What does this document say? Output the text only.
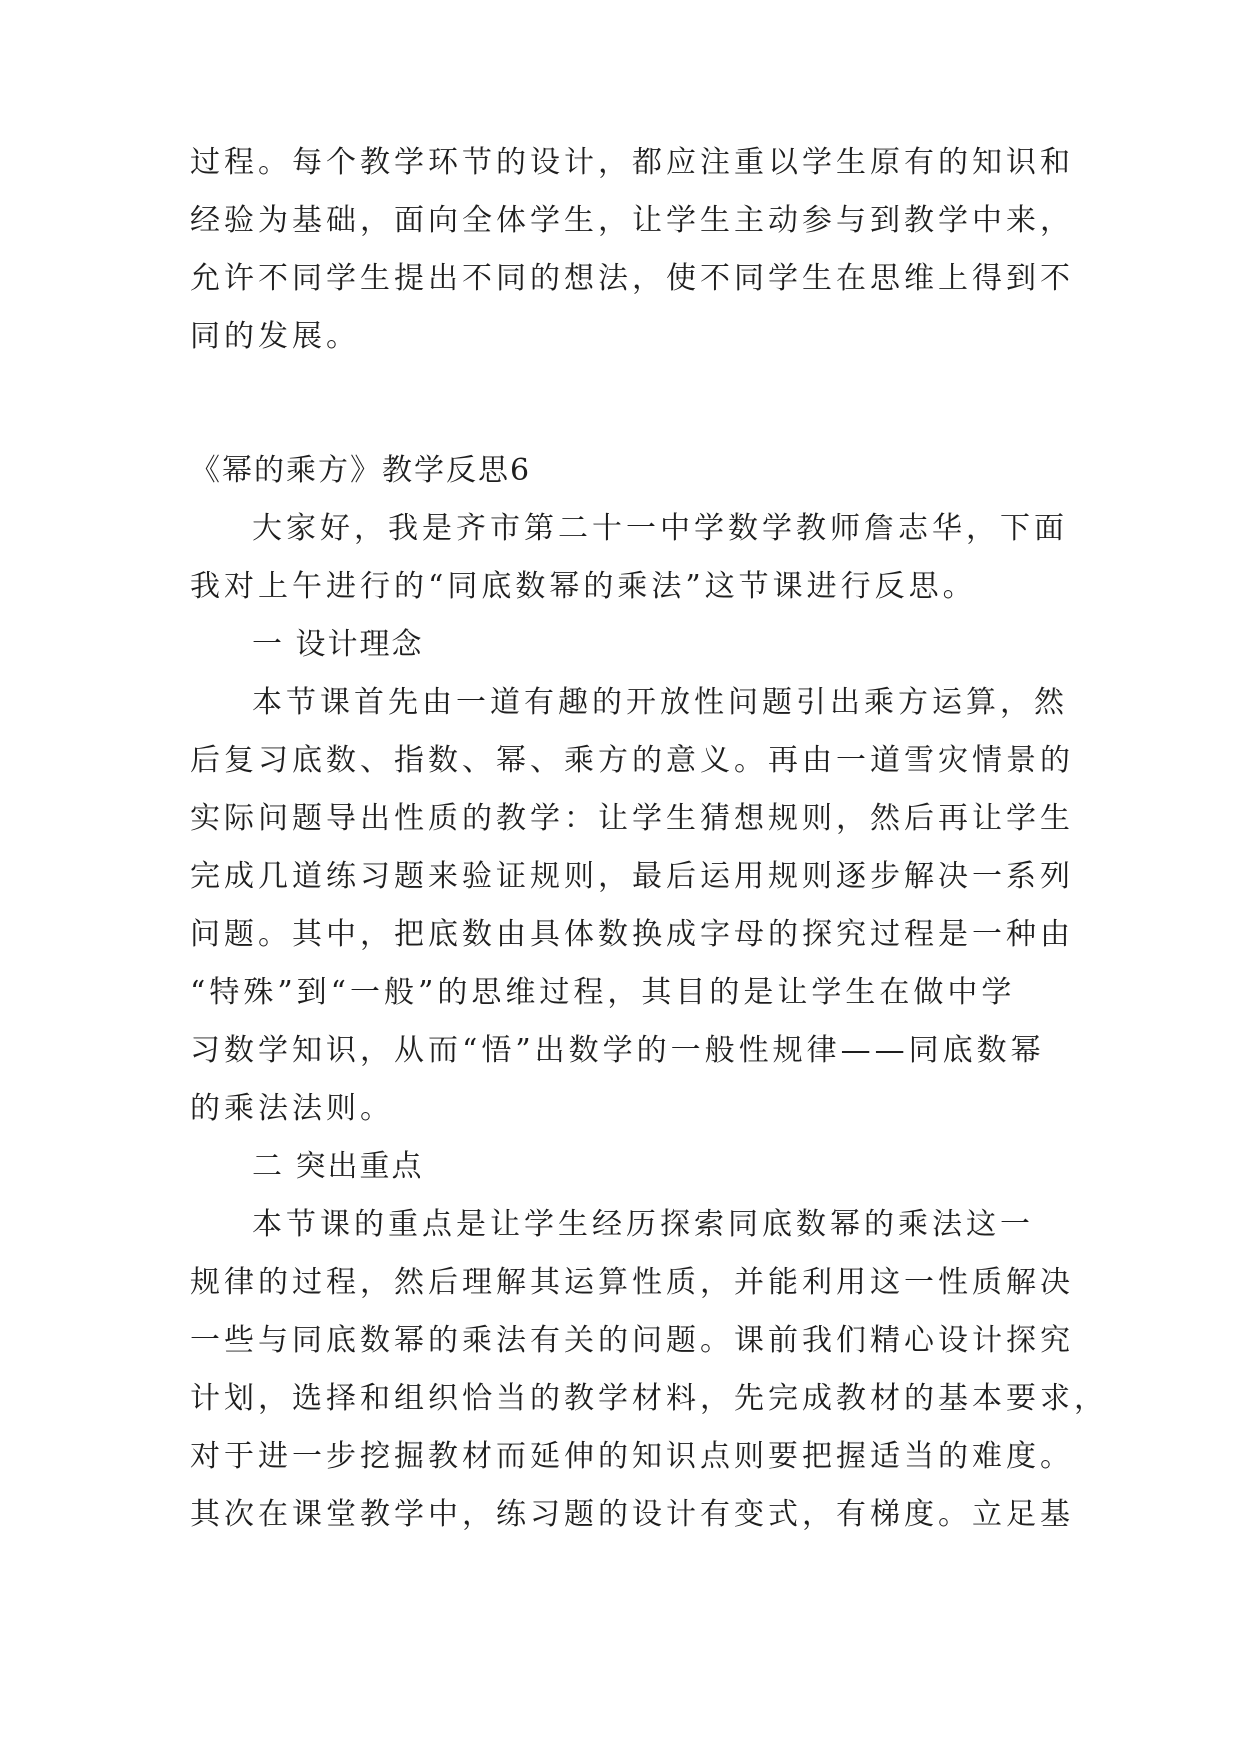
过程。每个教学环节的设计，都应注重以学生原有的知识和
经验为基础，面向全体学生，让学生主动参与到教学中来，
允许不同学生提出不同的想法，使不同学生在思维上得到不
同的发展。
《幂的乘方》教学反思6
大家好，我是齐市第二十一中学数学教师詹志华，下面
我对上午进行的“同底数幂的乘法”这节课进行反思。
一 设计理念
本节课首先由一道有趣的开放性问题引出乘方运算，然
后复习底数、指数、幂、乘方的意义。再由一道雪灾情景的
实际问题导出性质的教学：让学生猜想规则，然后再让学生
完成几道练习题来验证规则，最后运用规则逐步解决一系列
问题。其中，把底数由具体数换成字母的探究过程是一种由
“特殊”到“一般”的思维过程，其目的是让学生在做中学
习数学知识，从而“悟”出数学的一般性规律——同底数幂
的乘法法则。
二 突出重点
本节课的重点是让学生经历探索同底数幂的乘法这一
规律的过程，然后理解其运算性质，并能利用这一性质解决
一些与同底数幂的乘法有关的问题。课前我们精心设计探究
计划，选择和组织恰当的教学材料，先完成教材的基本要求，
对于进一步挖掘教材而延伸的知识点则要把握适当的难度。
其次在课堂教学中，练习题的设计有变式，有梯度。立足基
